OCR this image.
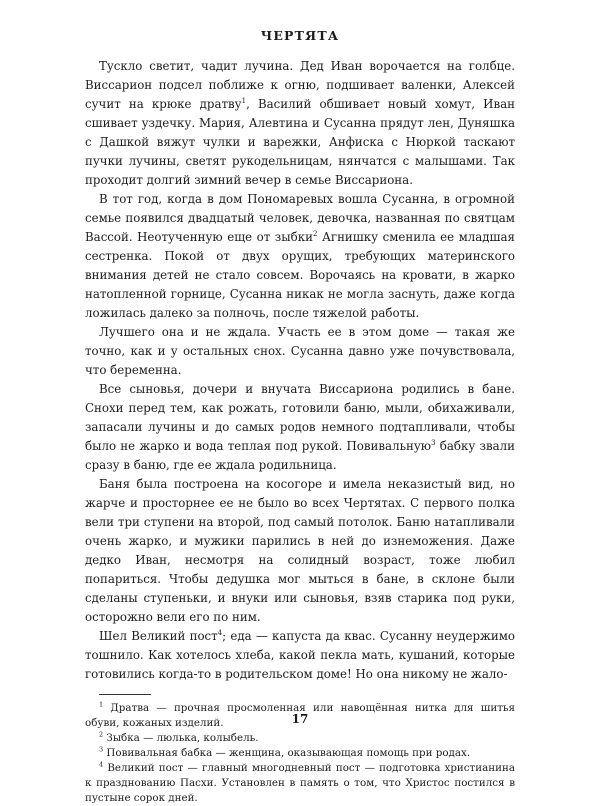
ЧЕРТЯТА

Тускло светит, чадит лучина. Дед Иван ворочается на голбце. Виссарион подсел поближе к огню, подшивает валенки, Алексей сучит на крюке дратву$^1$, Василий обшивает новый хомут, Иван сшивает уздечку. Мария, Алевтина и Сусанна прядут лен, Дуняшка с Дашкой вяжут чулки и варежки, Анфиска с Нюркой таскают пучки лучины, светят рукодельницам, нянчатся с малышами. Так проходит долгий зимний вечер в семье Виссариона.

В тот год, когда в дом Пономаревых вошла Сусанна, в огромной семье появился двадцатый человек, девочка, названная по святцам Вассой. Неотученную еще от зыбки$^2$ Агнишку сменила ее младшая сестренка. Покой от двух орущих, требующих материнского внимания детей не стало совсем. Ворочаясь на кровати, в жарко натопленной горнице, Сусанна никак не могла заснуть, даже когда ложилась далеко за полночь, после тяжелой работы.

Лучшего она и не ждала. Участь ее в этом доме — такая же точно, как и у остальных снох. Сусанна давно уже почувствовала, что беременна.

Все сыновья, дочери и внучата Виссариона родились в бане. Снохи перед тем, как рожать, готовили баню, мыли, обихаживали, запасали лучины и до самых родов немного подтапливали, чтобы было не жарко и вода теплая под рукой. Повивальную$^3$ бабку звали сразу в баню, где ее ждала родильница.

Баня была построена на косогоре и имела неказистый вид, но жарче и просторнее ее не было во всех Чертятах. С первого полка вели три ступени на второй, под самый потолок. Баню натапливали очень жарко, и мужики парились в ней до изнеможения. Даже дедко Иван, несмотря на солидный возраст, тоже любил попариться. Чтобы дедушка мог мыться в бане, в склоне были сделаны ступеньки, и внуки или сыновья, взяв старика под руки, осторожно вели его по ним.

Шел Великий пост$^4$; еда — капуста да квас. Сусанну неудержимо тошнило. Как хотелось хлеба, какой пекла мать, кушаний, которые готовились когда-то в родительском доме! Но она никому не жало-

$^1$ Дратва — прочная просмоленная или навощённая нитка для шитья обуви, кожаных изделий.

$^2$ Зыбка — люлька, колыбель.

$^3$ Повивальная бабка — женщина, оказывающая помощь при родах.

$^4$ Великий пост — главный многодневный пост — подготовка христианина к празднованию Пасхи. Установлен в память о том, что Христос постился в пустыне сорок дней.

17
